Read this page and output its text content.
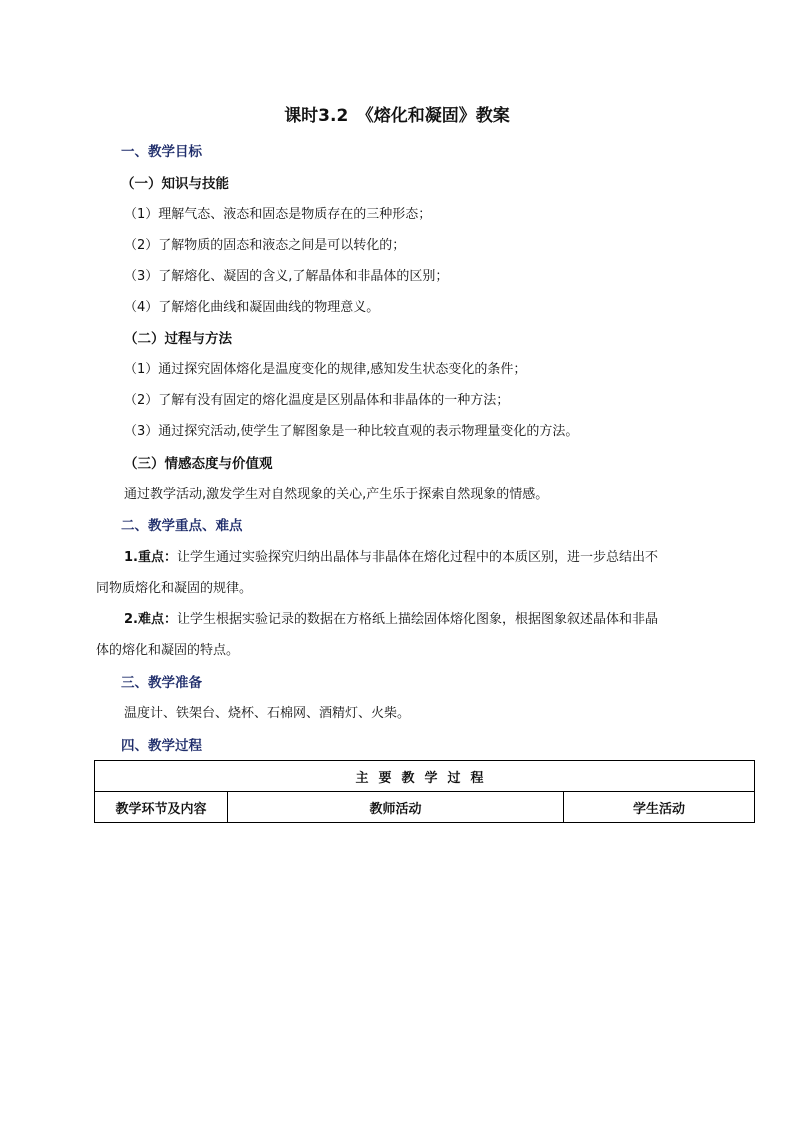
课时3.2　《熔化和凝固》教案
一、教学目标
（一）知识与技能
（1）理解气态、液态和固态是物质存在的三种形态；
（2）了解物质的固态和液态之间是可以转化的；
（3）了解熔化、凝固的含义,了解晶体和非晶体的区别；
（4）了解熔化曲线和凝固曲线的物理意义。
（二）过程与方法
（1）通过探究固体熔化是温度变化的规律,感知发生状态变化的条件；
（2）了解有没有固定的熔化温度是区别晶体和非晶体的一种方法；
（3）通过探究活动,使学生了解图象是一种比较直观的表示物理量变化的方法。
（三）情感态度与价值观
通过教学活动,激发学生对自然现象的关心,产生乐于探索自然现象的情感。
二、教学重点、难点
1.重点：让学生通过实验探究归纳出晶体与非晶体在熔化过程中的本质区别，进一步总结出不
同物质熔化和凝固的规律。
2.难点：让学生根据实验记录的数据在方格纸上描绘固体熔化图象，根据图象叙述晶体和非晶
体的熔化和凝固的特点。
三、教学准备
温度计、铁架台、烧杯、石棉网、酒精灯、火柴。
四、教学过程
主要教学过程
教学环节及内容	教师活动	学生活动
